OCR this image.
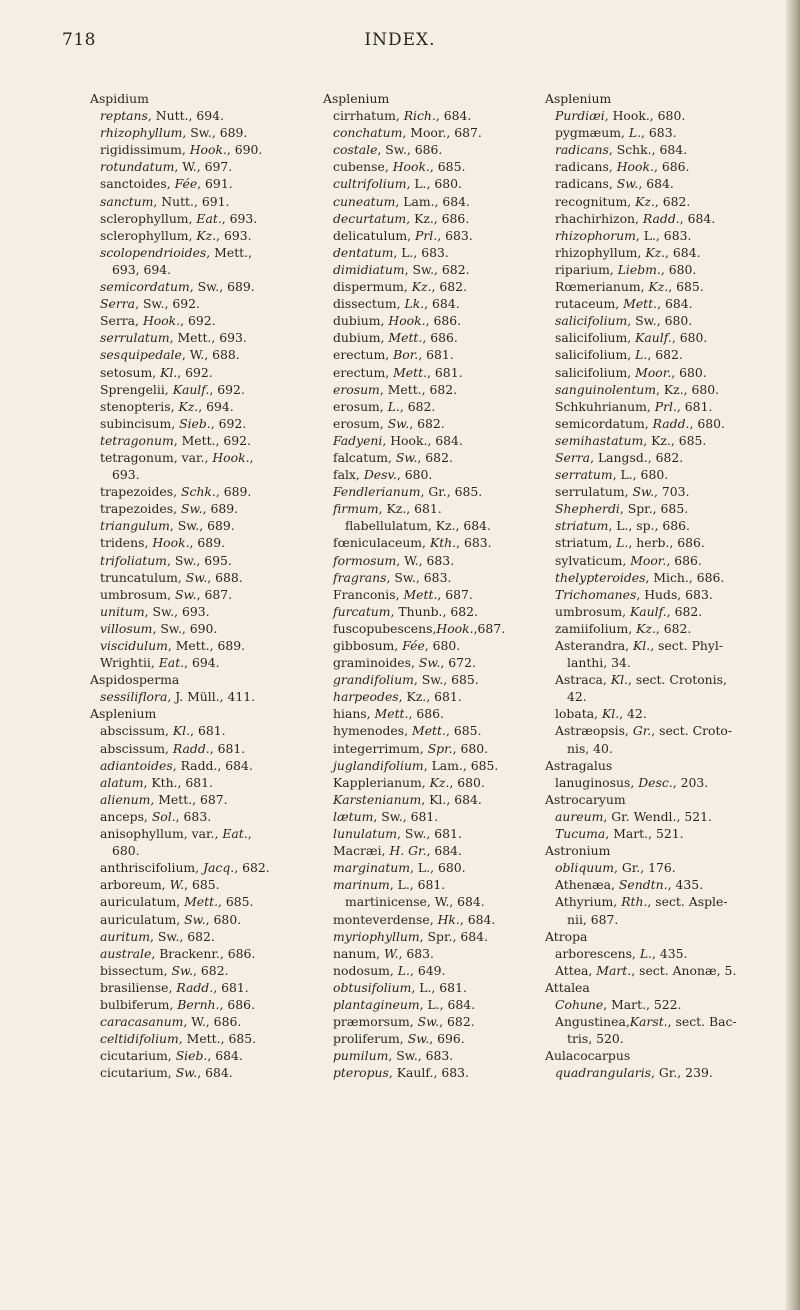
718	INDEX.
Aspidium
reptans, Nutt., 694.
rhizophyllum, Sw., 689.
rigidissimum, Hook., 690.
rotundatum, W., 697.
sanctoides, Fée, 691.
sanctum, Nutt., 691.
sclerophyllum, Eat., 693.
sclerophyllum, Kz., 693.
scolopendrioides, Mett.,
693, 694.
semicordatum, Sw., 689.
Serra, Sw., 692.
Serra, Hook., 692.
serrulatum, Mett., 693.
sesquipedale, W., 688.
setosum, Kl., 692.
Sprengelii, Kaulf., 692.
stenopteris, Kz., 694.
subincisum, Sieb., 692.
tetragonum, Mett., 692.
tetragonum, var., Hook.,
693.
trapezoides, Schk., 689.
trapezoides, Sw., 689.
triangulum, Sw., 689.
tridens, Hook., 689.
trifoliatum, Sw., 695.
truncatulum, Sw., 688.
umbrosum, Sw., 687.
unitum, Sw., 693.
villosum, Sw., 690.
viscidulum, Mett., 689.
Wrightii, Eat., 694.
Aspidosperma
sessiliflora, J. Müll., 411.
Asplenium
abscissum, Kl., 681.
abscissum, Radd., 681.
adiantoides, Radd., 684.
alatum, Kth., 681.
alienum, Mett., 687.
anceps, Sol., 683.
anisophyllum, var., Eat.,
680.
anthriscifolium, Jacq., 682.
arboreum, W., 685.
auriculatum, Mett., 685.
auriculatum, Sw., 680.
auritum, Sw., 682.
australe, Brackenr., 686.
bissectum, Sw., 682.
brasiliense, Radd., 681.
bulbiferum, Bernh., 686.
caracasanum, W., 686.
celtidifolium, Mett., 685.
cicutarium, Sieb., 684.
cicutarium, Sw., 684.
Asplenium
cirrhatum, Rich., 684.
conchatum, Moor., 687.
costale, Sw., 686.
cubense, Hook., 685.
cultrifolium, L., 680.
cuneatum, Lam., 684.
decurtatum, Kz., 686.
delicatulum, Prl., 683.
dentatum, L., 683.
dimidiatum, Sw., 682.
dispermum, Kz., 682.
dissectum, Lk., 684.
dubium, Hook., 686.
dubium, Mett., 686.
erectum, Bor., 681.
erectum, Mett., 681.
erosum, Mett., 682.
erosum, L., 682.
erosum, Sw., 682.
Fadyeni, Hook., 684.
falcatum, Sw., 682.
falx, Desv., 680.
Fendlerianum, Gr., 685.
firmum, Kz., 681.
flabellulatum, Kz., 684.
fœniculaceum, Kth., 683.
formosum, W., 683.
fragrans, Sw., 683.
Franconis, Mett., 687.
furcatum, Thunb., 682.
fuscopubescens,Hook.,687.
gibbosum, Fée, 680.
graminoides, Sw., 672.
grandifolium, Sw., 685.
harpeodes, Kz., 681.
hians, Mett., 686.
hymenodes, Mett., 685.
integerrimum, Spr., 680.
juglandifolium, Lam., 685.
Kapplerianum, Kz., 680.
Karstenianum, Kl., 684.
lætum, Sw., 681.
lunulatum, Sw., 681.
Macræi, H. Gr., 684.
marginatum, L., 680.
marinum, L., 681.
martinicense, W., 684.
monteverdense, Hk., 684.
myriophyllum, Spr., 684.
nanum, W., 683.
nodosum, L., 649.
obtusifolium, L., 681.
plantagineum, L., 684.
præmorsum, Sw., 682.
proliferum, Sw., 696.
pumilum, Sw., 683.
pteropus, Kaulf., 683.
Asplenium
Purdiæi, Hook., 680.
pygmæum, L., 683.
radicans, Schk., 684.
radicans, Hook., 686.
radicans, Sw., 684.
recognitum, Kz., 682.
rhachirhizon, Radd., 684.
rhizophorum, L., 683.
rhizophyllum, Kz., 684.
riparium, Liebm., 680.
Rœmerianum, Kz., 685.
rutaceum, Mett., 684.
salicifolium, Sw., 680.
salicifolium, Kaulf., 680.
salicifolium, L., 682.
salicifolium, Moor., 680.
sanguinolentum, Kz., 680.
Schkuhrianum, Prl., 681.
semicordatum, Radd., 680.
semihastatum, Kz., 685.
Serra, Langsd., 682.
serratum, L., 680.
serrulatum, Sw., 703.
Shepherdi, Spr., 685.
striatum, L., sp., 686.
striatum, L., herb., 686.
sylvaticum, Moor., 686.
thelypteroides, Mich., 686.
Trichomanes, Huds, 683.
umbrosum, Kaulf., 682.
zamiifolium, Kz., 682.
Asterandra, Kl., sect. Phyl-
lanthi, 34.
Astraca, Kl., sect. Crotonis,
42.
lobata, Kl., 42.
Astræopsis, Gr., sect. Croto-
nis, 40.
Astragalus
lanuginosus, Desc., 203.
Astrocaryum
aureum, Gr. Wendl., 521.
Tucuma, Mart., 521.
Astronium
obliquum, Gr., 176.
Athenæa, Sendtn., 435.
Athyrium, Rth., sect. Asple-
nii, 687.
Atropa
arborescens, L., 435.
Attea, Mart., sect. Anonæ, 5.
Attalea
Cohune, Mart., 522.
Angustinea,Karst., sect. Bac-
tris, 520.
Aulacocarpus
quadrangularis, Gr., 239.
